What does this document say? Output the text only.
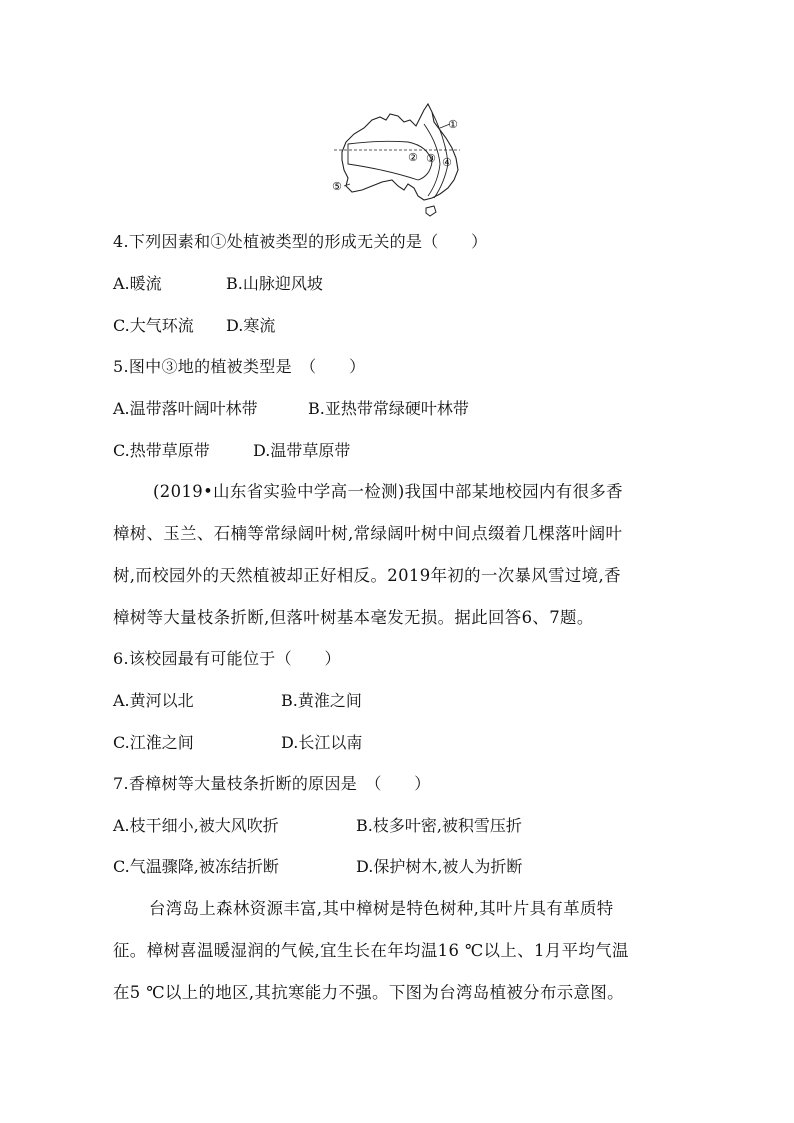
①
② ③ ④
⑤
4.下列因素和①处植被类型的形成无关的是（　　）
A.暖流	B.山脉迎风坡
C.大气环流 D.寒流
5.图中③地的植被类型是　（　　）
A.温带落叶阔叶林带	B.亚热带常绿硬叶林带
C.热带草原带	D.温带草原带
(2019•山东省实验中学高一检测)我国中部某地校园内有很多香
樟树、玉兰、石楠等常绿阔叶树,常绿阔叶树中间点缀着几棵落叶阔叶
树,而校园外的天然植被却正好相反。2019年初的一次暴风雪过境,香
樟树等大量枝条折断,但落叶树基本毫发无损。据此回答6、7题。
6.该校园最有可能位于（　　）
A.黄河以北	B.黄淮之间
C.江淮之间	D.长江以南
7.香樟树等大量枝条折断的原因是　（　　）
A.枝干细小,被大风吹折	B.枝多叶密,被积雪压折
C.气温骤降,被冻结折断	D.保护树木,被人为折断
台湾岛上森林资源丰富,其中樟树是特色树种,其叶片具有革质特
征。樟树喜温暖湿润的气候,宜生长在年均温16 ℃以上、1月平均气温
在5 ℃以上的地区,其抗寒能力不强。下图为台湾岛植被分布示意图。
